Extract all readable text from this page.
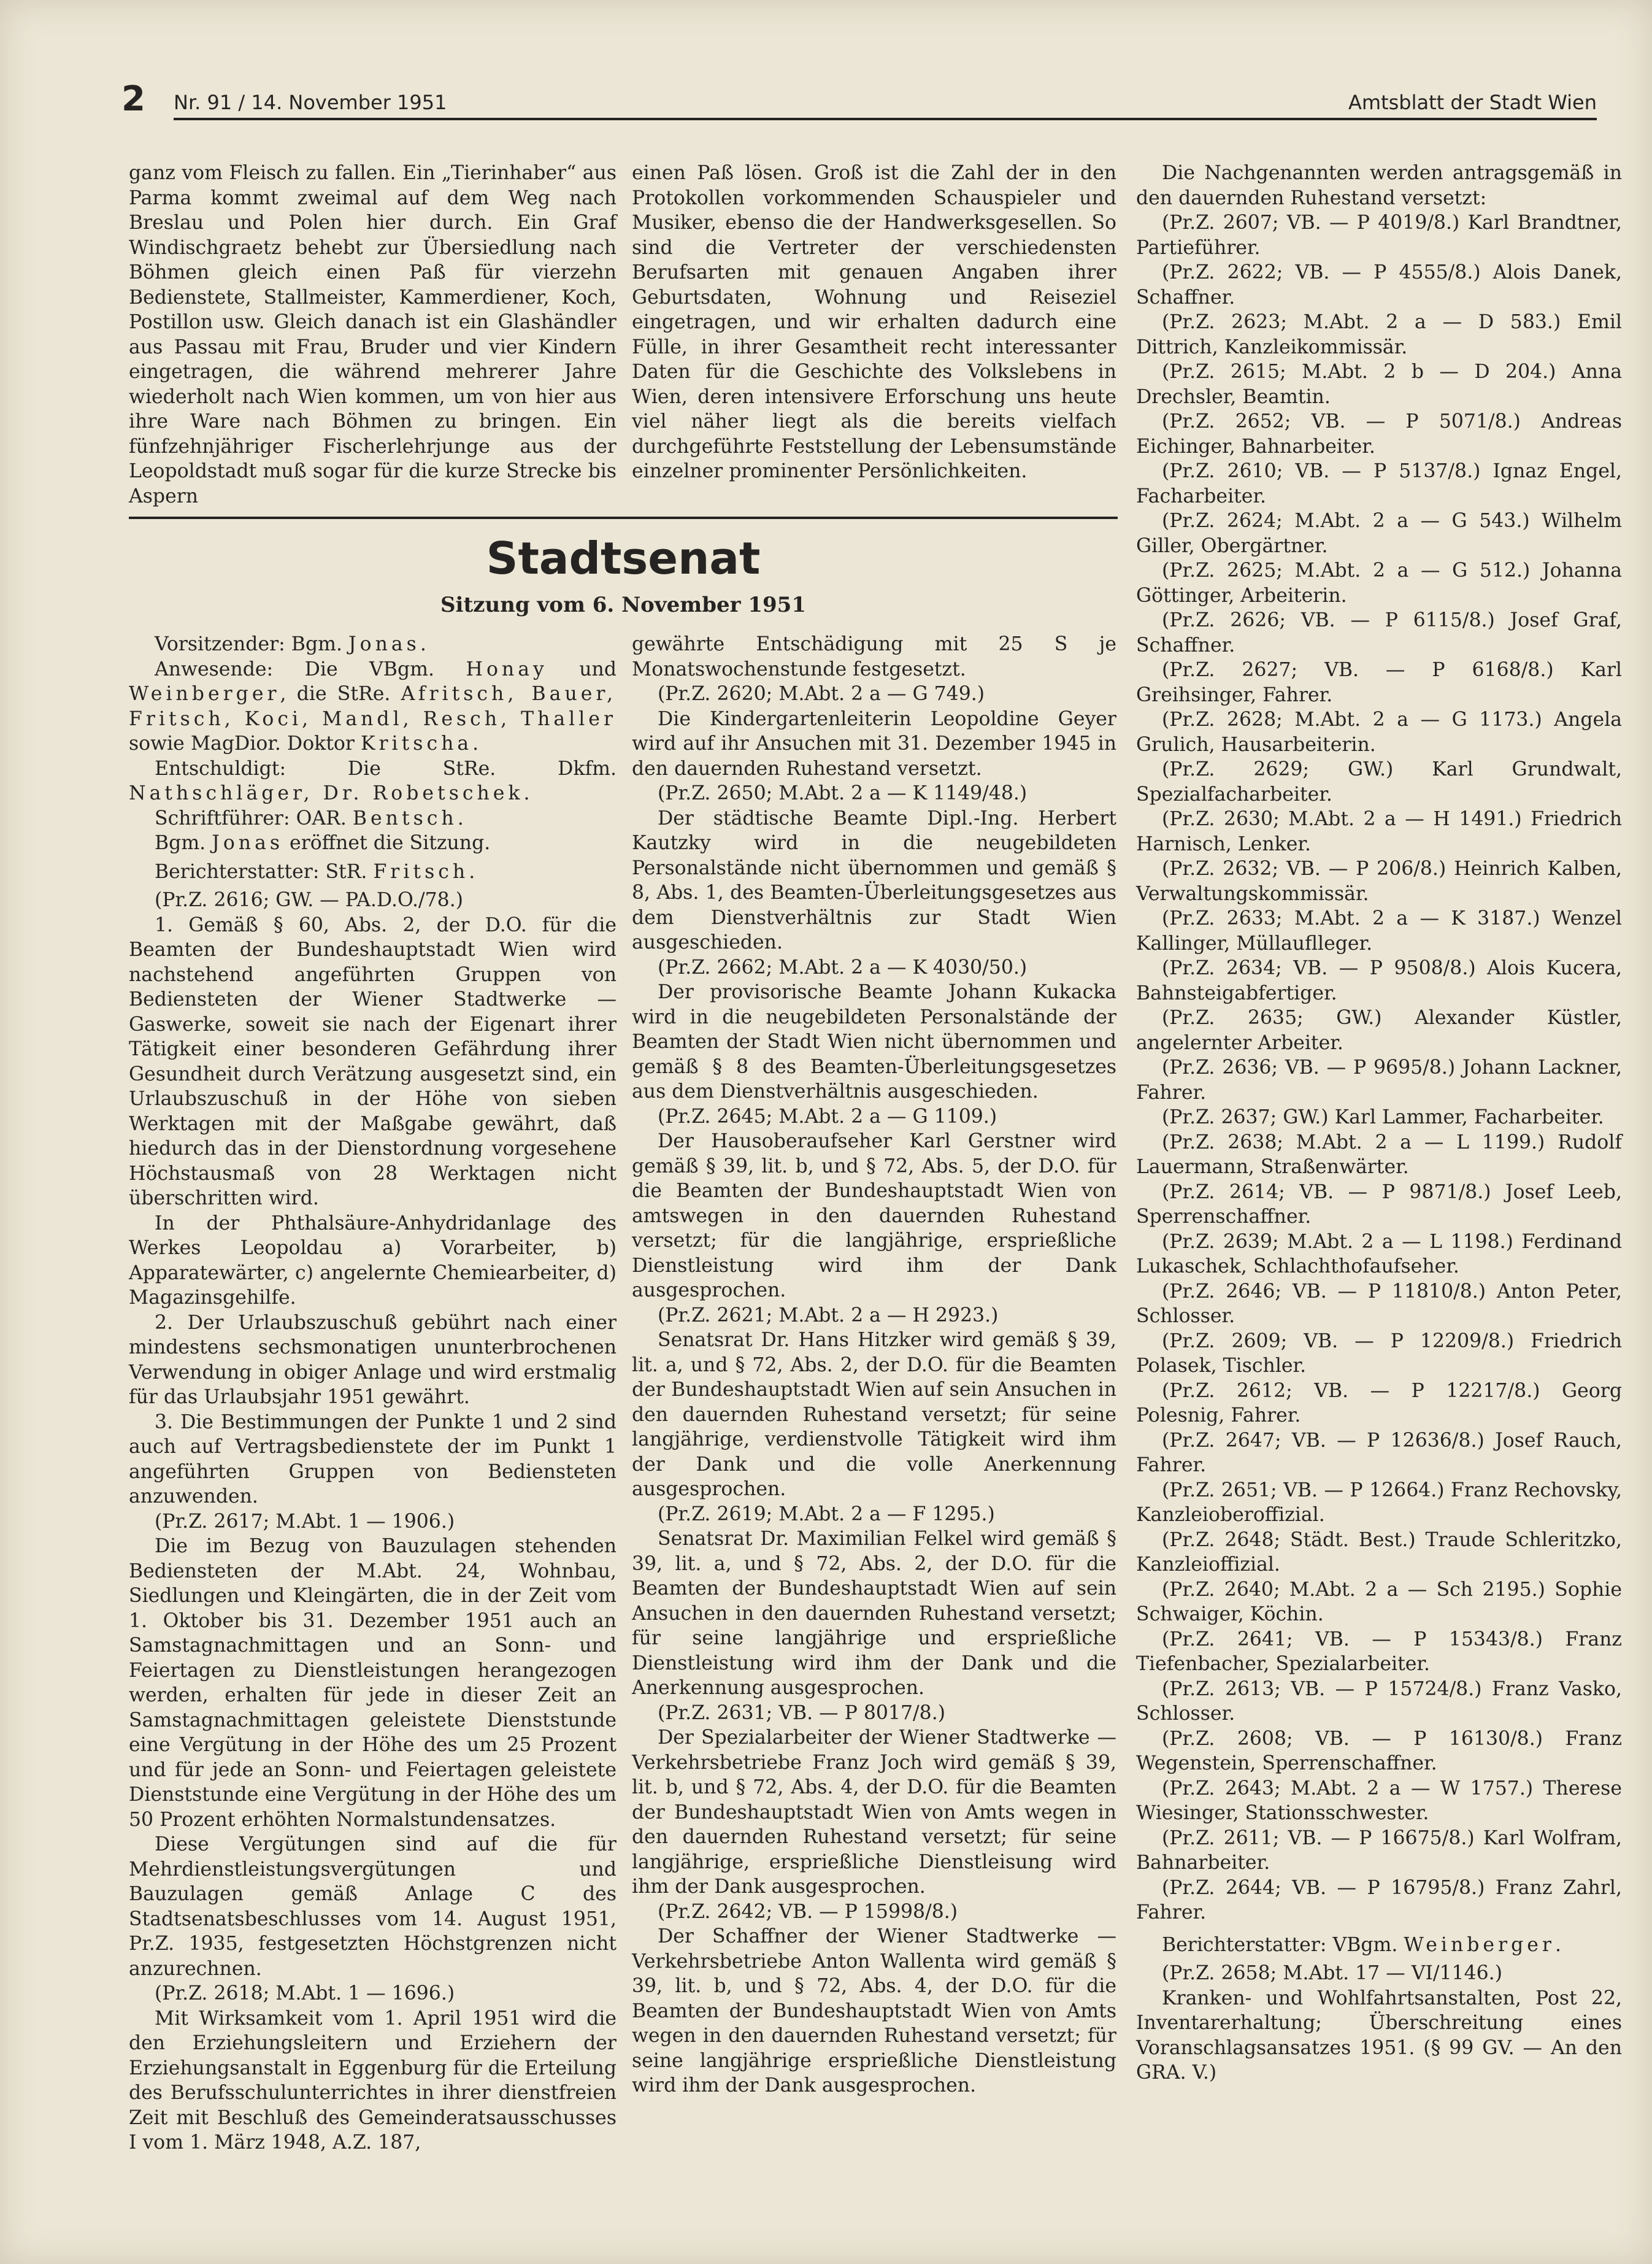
2 Nr. 91 / 14. November 1951	Amtsblatt der Stadt Wien

ganz vom Fleisch zu fallen. Ein „Tierinhaber“ aus Parma kommt zweimal auf dem Weg nach Breslau und Polen hier durch. Ein Graf Windischgraetz behebt zur Übersiedlung nach Böhmen gleich einen Paß für vierzehn Bedienstete, Stallmeister, Kammerdiener, Koch, Postillon usw. Gleich danach ist ein Glashändler aus Passau mit Frau, Bruder und vier Kindern eingetragen, die während mehrerer Jahre wiederholt nach Wien kommen, um von hier aus ihre Ware nach Böhmen zu bringen. Ein fünfzehnjähriger Fischerlehrjunge aus der Leopoldstadt muß sogar für die kurze Strecke bis Aspern

einen Paß lösen. Groß ist die Zahl der in den Protokollen vorkommenden Schauspieler und Musiker, ebenso die der Handwerksgesellen. So sind die Vertreter der verschiedensten Berufsarten mit genauen Angaben ihrer Geburtsdaten, Wohnung und Reiseziel eingetragen, und wir erhalten dadurch eine Fülle, in ihrer Gesamtheit recht interessanter Daten für die Geschichte des Volkslebens in Wien, deren intensivere Erforschung uns heute viel näher liegt als die bereits vielfach durchgeführte Feststellung der Lebensumstände einzelner prominenter Persönlichkeiten.

Stadtsenat
Sitzung vom 6. November 1951

Vorsitzender: Bgm. Jonas.

Anwesende: Die VBgm. Honay und Weinberger, die StRe. Afritsch, Bauer, Fritsch, Koci, Mandl, Resch, Thaller sowie MagDior. Doktor Kritscha.

Entschuldigt: Die StRe. Dkfm. Nathschläger, Dr. Robetschek.

Schriftführer: OAR. Bentsch.

Bgm. Jonas eröffnet die Sitzung.

Berichterstatter: StR. Fritsch.

(Pr.Z. 2616; GW. — PA.D.O./78.)

1. Gemäß § 60, Abs. 2, der D.O. für die Beamten der Bundeshauptstadt Wien wird nachstehend angeführten Gruppen von Bediensteten der Wiener Stadtwerke — Gaswerke, soweit sie nach der Eigenart ihrer Tätigkeit einer besonderen Gefährdung ihrer Gesundheit durch Verätzung ausgesetzt sind, ein Urlaubszuschuß in der Höhe von sieben Werktagen mit der Maßgabe gewährt, daß hiedurch das in der Dienstordnung vorgesehene Höchstausmaß von 28 Werktagen nicht überschritten wird.

In der Phthalsäure-Anhydridanlage des Werkes Leopoldau a) Vorarbeiter, b) Apparatewärter, c) angelernte Chemiearbeiter, d) Magazinsgehilfe.

2. Der Urlaubszuschuß gebührt nach einer mindestens sechsmonatigen ununterbrochenen Verwendung in obiger Anlage und wird erstmalig für das Urlaubsjahr 1951 gewährt.

3. Die Bestimmungen der Punkte 1 und 2 sind auch auf Vertragsbedienstete der im Punkt 1 angeführten Gruppen von Bediensteten anzuwenden.

(Pr.Z. 2617; M.Abt. 1 — 1906.)

Die im Bezug von Bauzulagen stehenden Bediensteten der M.Abt. 24, Wohnbau, Siedlungen und Kleingärten, die in der Zeit vom 1. Oktober bis 31. Dezember 1951 auch an Samstagnachmittagen und an Sonn- und Feiertagen zu Dienstleistungen herangezogen werden, erhalten für jede in dieser Zeit an Samstagnachmittagen geleistete Dienststunde eine Vergütung in der Höhe des um 25 Prozent und für jede an Sonn- und Feiertagen geleistete Dienststunde eine Vergütung in der Höhe des um 50 Prozent erhöhten Normalstundensatzes.

Diese Vergütungen sind auf die für Mehrdienstleistungsvergütungen und Bauzulagen gemäß Anlage C des Stadtsenatsbeschlusses vom 14. August 1951, Pr.Z. 1935, festgesetzten Höchstgrenzen nicht anzurechnen.

(Pr.Z. 2618; M.Abt. 1 — 1696.)

Mit Wirksamkeit vom 1. April 1951 wird die den Erziehungsleitern und Erziehern der Erziehungsanstalt in Eggenburg für die Erteilung des Berufsschulunterrichtes in ihrer dienstfreien Zeit mit Beschluß des Gemeinderatsausschusses I vom 1. März 1948, A.Z. 187,

gewährte Entschädigung mit 25 S je Monatswochenstunde festgesetzt.

(Pr.Z. 2620; M.Abt. 2 a — G 749.)

Die Kindergartenleiterin Leopoldine Geyer wird auf ihr Ansuchen mit 31. Dezember 1945 in den dauernden Ruhestand versetzt.

(Pr.Z. 2650; M.Abt. 2 a — K 1149/48.)

Der städtische Beamte Dipl.-Ing. Herbert Kautzky wird in die neugebildeten Personalstände nicht übernommen und gemäß § 8, Abs. 1, des Beamten-Überleitungsgesetzes aus dem Dienstverhältnis zur Stadt Wien ausgeschieden.

(Pr.Z. 2662; M.Abt. 2 a — K 4030/50.)

Der provisorische Beamte Johann Kukacka wird in die neugebildeten Personalstände der Beamten der Stadt Wien nicht übernommen und gemäß § 8 des Beamten-Überleitungsgesetzes aus dem Dienstverhältnis ausgeschieden.

(Pr.Z. 2645; M.Abt. 2 a — G 1109.)

Der Hausoberaufseher Karl Gerstner wird gemäß § 39, lit. b, und § 72, Abs. 5, der D.O. für die Beamten der Bundeshauptstadt Wien von amtswegen in den dauernden Ruhestand versetzt; für die langjährige, ersprießliche Dienstleistung wird ihm der Dank ausgesprochen.

(Pr.Z. 2621; M.Abt. 2 a — H 2923.)

Senatsrat Dr. Hans Hitzker wird gemäß § 39, lit. a, und § 72, Abs. 2, der D.O. für die Beamten der Bundeshauptstadt Wien auf sein Ansuchen in den dauernden Ruhestand versetzt; für seine langjährige, verdienstvolle Tätigkeit wird ihm der Dank und die volle Anerkennung ausgesprochen.

(Pr.Z. 2619; M.Abt. 2 a — F 1295.)

Senatsrat Dr. Maximilian Felkel wird gemäß § 39, lit. a, und § 72, Abs. 2, der D.O. für die Beamten der Bundeshauptstadt Wien auf sein Ansuchen in den dauernden Ruhestand versetzt; für seine langjährige und ersprießliche Dienstleistung wird ihm der Dank und die Anerkennung ausgesprochen.

(Pr.Z. 2631; VB. — P 8017/8.)

Der Spezialarbeiter der Wiener Stadtwerke — Verkehrsbetriebe Franz Joch wird gemäß § 39, lit. b, und § 72, Abs. 4, der D.O. für die Beamten der Bundeshauptstadt Wien von Amts wegen in den dauernden Ruhestand versetzt; für seine langjährige, ersprießliche Dienstleisung wird ihm der Dank ausgesprochen.

(Pr.Z. 2642; VB. — P 15998/8.)

Der Schaffner der Wiener Stadtwerke — Verkehrsbetriebe Anton Wallenta wird gemäß § 39, lit. b, und § 72, Abs. 4, der D.O. für die Beamten der Bundeshauptstadt Wien von Amts wegen in den dauernden Ruhestand versetzt; für seine langjährige ersprießliche Dienstleistung wird ihm der Dank ausgesprochen.

Die Nachgenannten werden antragsgemäß in den dauernden Ruhestand versetzt:

(Pr.Z. 2607; VB. — P 4019/8.) Karl Brandtner, Partieführer.

(Pr.Z. 2622; VB. — P 4555/8.) Alois Danek, Schaffner.

(Pr.Z. 2623; M.Abt. 2 a — D 583.) Emil Dittrich, Kanzleikommissär.

(Pr.Z. 2615; M.Abt. 2 b — D 204.) Anna Drechsler, Beamtin.

(Pr.Z. 2652; VB. — P 5071/8.) Andreas Eichinger, Bahnarbeiter.

(Pr.Z. 2610; VB. — P 5137/8.) Ignaz Engel, Facharbeiter.

(Pr.Z. 2624; M.Abt. 2 a — G 543.) Wilhelm Giller, Obergärtner.

(Pr.Z. 2625; M.Abt. 2 a — G 512.) Johanna Göttinger, Arbeiterin.

(Pr.Z. 2626; VB. — P 6115/8.) Josef Graf, Schaffner.

(Pr.Z. 2627; VB. — P 6168/8.) Karl Greihsinger, Fahrer.

(Pr.Z. 2628; M.Abt. 2 a — G 1173.) Angela Grulich, Hausarbeiterin.

(Pr.Z. 2629; GW.) Karl Grundwalt, Spezialfacharbeiter.

(Pr.Z. 2630; M.Abt. 2 a — H 1491.) Friedrich Harnisch, Lenker.

(Pr.Z. 2632; VB. — P 206/8.) Heinrich Kalben, Verwaltungskommissär.

(Pr.Z. 2633; M.Abt. 2 a — K 3187.) Wenzel Kallinger, Müllauflleger.

(Pr.Z. 2634; VB. — P 9508/8.) Alois Kucera, Bahnsteigabfertiger.

(Pr.Z. 2635; GW.) Alexander Küstler, angelernter Arbeiter.

(Pr.Z. 2636; VB. — P 9695/8.) Johann Lackner, Fahrer.

(Pr.Z. 2637; GW.) Karl Lammer, Facharbeiter.

(Pr.Z. 2638; M.Abt. 2 a — L 1199.) Rudolf Lauermann, Straßenwärter.

(Pr.Z. 2614; VB. — P 9871/8.) Josef Leeb, Sperrenschaffner.

(Pr.Z. 2639; M.Abt. 2 a — L 1198.) Ferdinand Lukaschek, Schlachthofaufseher.

(Pr.Z. 2646; VB. — P 11810/8.) Anton Peter, Schlosser.

(Pr.Z. 2609; VB. — P 12209/8.) Friedrich Polasek, Tischler.

(Pr.Z. 2612; VB. — P 12217/8.) Georg Polesnig, Fahrer.

(Pr.Z. 2647; VB. — P 12636/8.) Josef Rauch, Fahrer.

(Pr.Z. 2651; VB. — P 12664.) Franz Rechovsky, Kanzleioberoffizial.

(Pr.Z. 2648; Städt. Best.) Traude Schleritzko, Kanzleioffizial.

(Pr.Z. 2640; M.Abt. 2 a — Sch 2195.) Sophie Schwaiger, Köchin.

(Pr.Z. 2641; VB. — P 15343/8.) Franz Tiefenbacher, Spezialarbeiter.

(Pr.Z. 2613; VB. — P 15724/8.) Franz Vasko, Schlosser.

(Pr.Z. 2608; VB. — P 16130/8.) Franz Wegenstein, Sperrenschaffner.

(Pr.Z. 2643; M.Abt. 2 a — W 1757.) Therese Wiesinger, Stationsschwester.

(Pr.Z. 2611; VB. — P 16675/8.) Karl Wolfram, Bahnarbeiter.

(Pr.Z. 2644; VB. — P 16795/8.) Franz Zahrl, Fahrer.

Berichterstatter: VBgm. Weinberger.

(Pr.Z. 2658; M.Abt. 17 — VI/1146.)

Kranken- und Wohlfahrtsanstalten, Post 22, Inventarerhaltung; Überschreitung eines Voranschlagsansatzes 1951. (§ 99 GV. — An den GRA. V.)
